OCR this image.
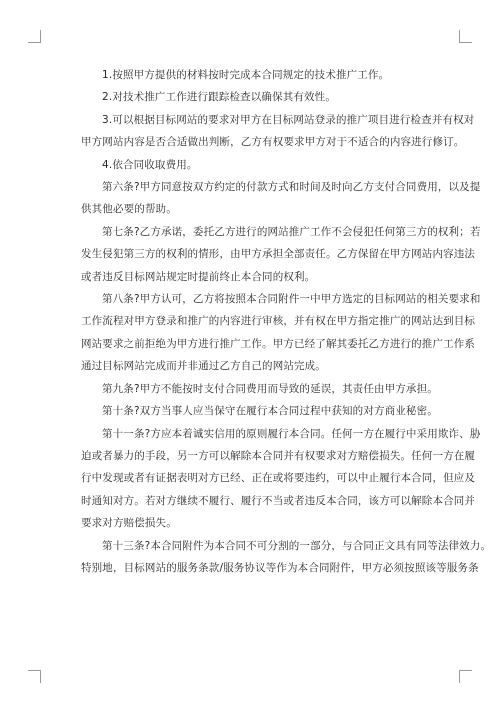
1.按照甲方提供的材料按时完成本合同规定的技术推广工作。

2.对技术推广工作进行跟踪检查以确保其有效性。

3.可以根据目标网站的要求对甲方在目标网站登录的推广项目进行检查并有权对
甲方网站内容是否合适做出判断，乙方有权要求甲方对于不适合的内容进行修订。

4.依合同收取费用。

第六条?甲方同意按双方约定的付款方式和时间及时向乙方支付合同费用，以及提
供其他必要的帮助。

第七条?乙方承诺，委托乙方进行的网站推广工作不会侵犯任何第三方的权利；若
发生侵犯第三方的权利的情形，由甲方承担全部责任。乙方保留在甲方网站内容违法
或者违反目标网站规定时提前终止本合同的权利。

第八条?甲方认可，乙方将按照本合同附件一中甲方选定的目标网站的相关要求和
工作流程对甲方登录和推广的内容进行审核，并有权在甲方指定推广的网站达到目标
网站要求之前拒绝为甲方进行推广工作。甲方已经了解其委托乙方进行的推广工作系
通过目标网站完成而并非通过乙方自己的网站完成。

第九条?甲方不能按时支付合同费用而导致的延误，其责任由甲方承担。

第十条?双方当事人应当保守在履行本合同过程中获知的对方商业秘密。

第十一条?方应本着诚实信用的原则履行本合同。任何一方在履行中采用欺诈、胁
迫或者暴力的手段，另一方可以解除本合同并有权要求对方赔偿损失。任何一方在履
行中发现或者有证据表明对方已经、正在或将要违约，可以中止履行本合同，但应及
时通知对方。若对方继续不履行、履行不当或者违反本合同，该方可以解除本合同并
要求对方赔偿损失。

第十三条?本合同附件为本合同不可分割的一部分，与合同正文具有同等法律效力。
特别地，目标网站的服务条款/服务协议等作为本合同附件，甲方必须按照该等服务条
